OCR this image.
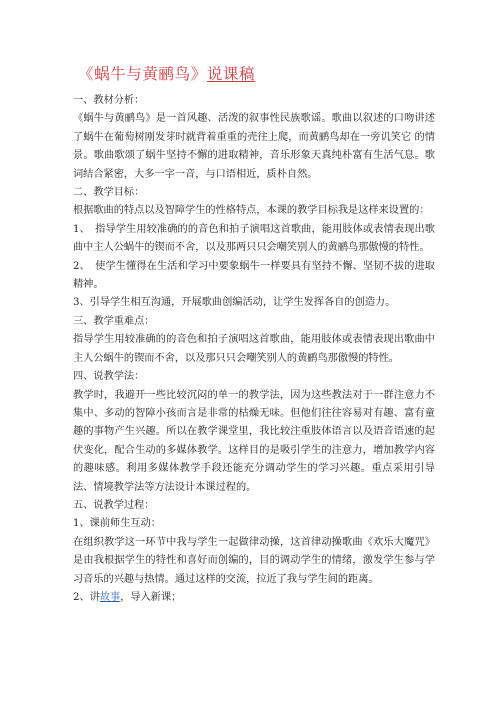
《蜗牛与黄鹂鸟》说课稿

一、教材分析：

《蜗牛与黄鹂鸟》是一首风趣、活泼的叙事性民族歌谣。歌曲以叙述的口吻讲述了蜗牛在葡萄树刚发芽时就背着重重的壳往上爬，而黄鹂鸟却在一旁讥笑它 的情景。歌曲歌颂了蜗牛坚持不懈的进取精神，音乐形象天真纯朴富有生活气息。歌词结合紧密，大多一字一音，与口语相近，质朴自然。

二、教学目标：

根据歌曲的特点以及智障学生的性格特点，本课的教学目标我是这样来设置的：

1、　指导学生用较准确的的音色和拍子演唱这首歌曲，能用肢体或表情表现出歌曲中主人公蜗牛的锲而不舍，以及那两只只会嘲笑别人的黄鹂鸟那傲慢的特性。

2、　使学生懂得在生活和学习中要象蜗牛一样要具有坚持不懈、坚韧不拔的进取精神。

3、引导学生相互沟通，开展歌曲创编活动，让学生发挥各自的创造力。

三、教学重难点：

指导学生用较准确的的音色和拍子演唱这首歌曲，能用肢体或表情表现出歌曲中主人公蜗牛的锲而不舍，以及那只只会嘲笑别人的黄鹂鸟那傲慢的特性。

四、说教学法：

教学时，我避开一些比较沉闷的单一的教学法，因为这些教法对于一群注意力不集中、多动的智障小孩而言是非常的枯燥无味。但他们往往容易对有趣、富有童趣的事物产生兴趣。所以在教学课堂里，我比较注重肢体语言以及语音语速的起伏变化，配合生动的多媒体教学。这样目的是吸引学生的注意力，增加教学内容的趣味感。利用多媒体教学手段还能充分调动学生的学习兴趣。重点采用引导法、情境教学法等方法设计本课过程的。

五、说教学过程：

1、课前师生互动：

在组织教学这一环节中我与学生一起做律动操，这首律动操歌曲《欢乐大魔咒》是由我根据学生的特性和喜好而创编的，目的调动学生的情绪，激发学生参与学习音乐的兴趣与热情。通过这样的交流，拉近了我与学生间的距离。

2、讲故事，导入新课；
